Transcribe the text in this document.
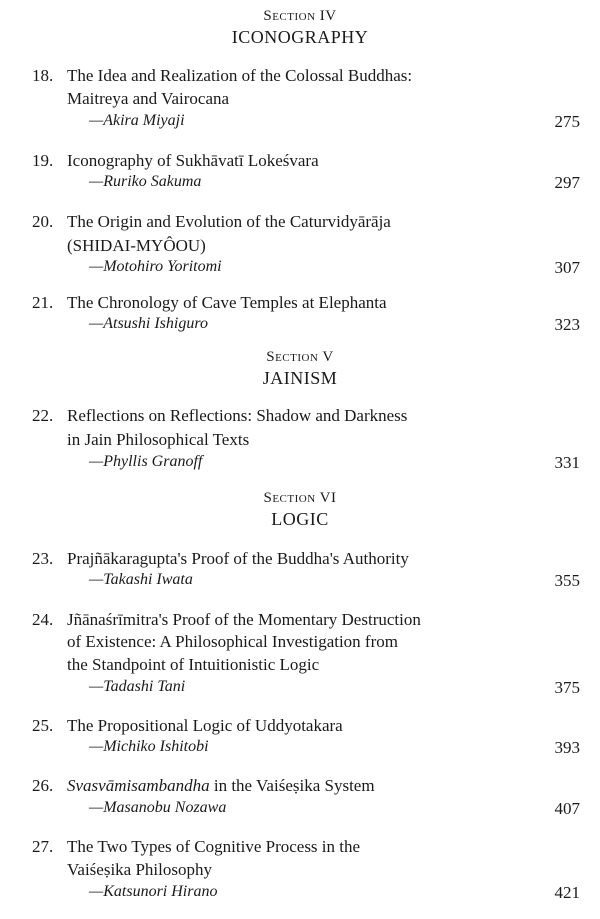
Section IV
ICONOGRAPHY
18. The Idea and Realization of the Colossal Buddhas:
Maitreya and Vairocana
—Akira Miyaji	275
19. Iconography of Sukhāvatī Lokeśvara
—Ruriko Sakuma	297
20. The Origin and Evolution of the Caturvidyārāja
(SHIDAI-MYÔOU)
—Motohiro Yoritomi	307
21. The Chronology of Cave Temples at Elephanta
—Atsushi Ishiguro	323
Section V
JAINISM
22. Reflections on Reflections: Shadow and Darkness
in Jain Philosophical Texts
—Phyllis Granoff	331
Section VI
LOGIC
23. Prajñākaragupta's Proof of the Buddha's Authority
—Takashi Iwata	355
24. Jñānaśrīmitra's Proof of the Momentary Destruction
of Existence: A Philosophical Investigation from
the Standpoint of Intuitionistic Logic
—Tadashi Tani	375
25. The Propositional Logic of Uddyotakara
—Michiko Ishitobi	393
26. Svasvāmisambandha in the Vaiśeṣika System
—Masanobu Nozawa	407
27. The Two Types of Cognitive Process in the
Vaiśeṣika Philosophy
—Katsunori Hirano	421
